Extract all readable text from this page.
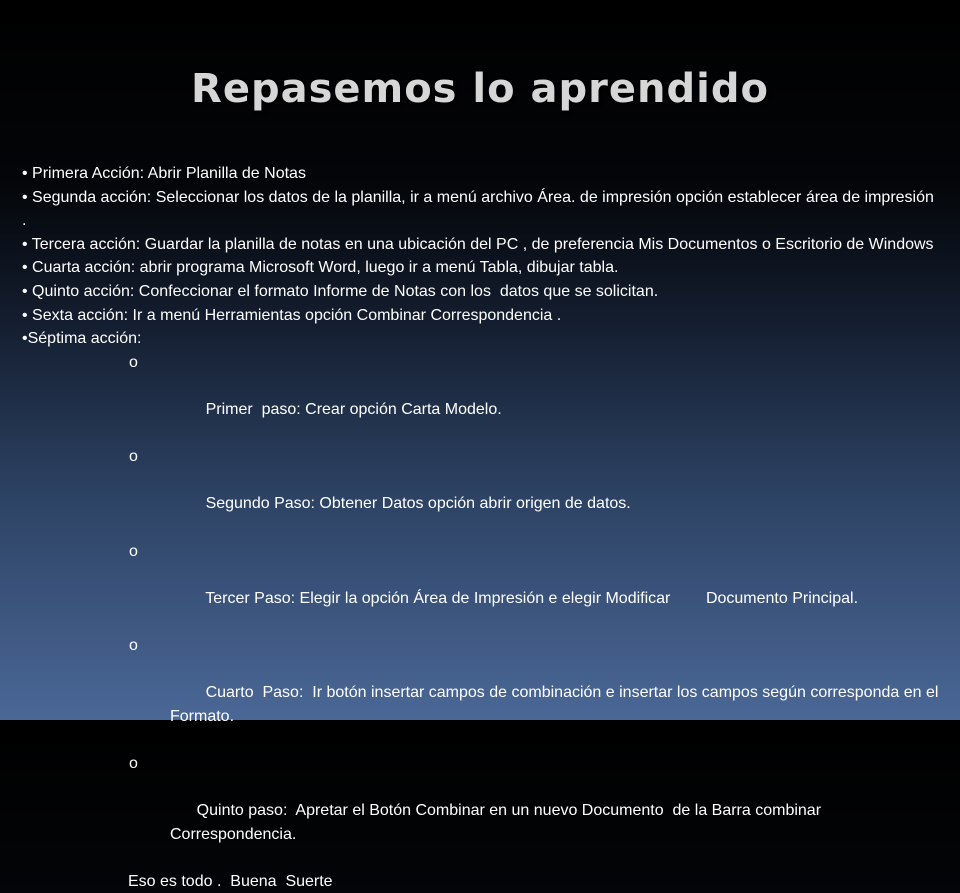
Repasemos lo aprendido
• Primera Acción: Abrir Planilla de Notas
• Segunda acción: Seleccionar los datos de la planilla, ir a menú archivo Área. de impresión opción establecer área de impresión .
• Tercera acción: Guardar la planilla de notas en una ubicación del PC , de preferencia Mis Documentos o Escritorio de Windows
• Cuarta acción: abrir programa Microsoft Word, luego ir a menú Tabla, dibujar tabla.
• Quinto acción: Confeccionar el formato Informe de Notas con los  datos que se solicitan.
• Sexta acción: Ir a menú Herramientas opción Combinar Correspondencia .
•Séptima acción:

o

Primer  paso: Crear opción Carta Modelo.

o

Segundo Paso: Obtener Datos opción abrir origen de datos.

o

Tercer Paso: Elegir la opción Área de Impresión e elegir Modificar        Documento Principal.

o

Cuarto  Paso:  Ir botón insertar campos de combinación e insertar los campos según corresponda en el Formato.

o

Quinto paso:  Apretar el Botón Combinar en un nuevo Documento  de la Barra combinar Correspondencia.

Eso es todo .  Buena  Suerte
